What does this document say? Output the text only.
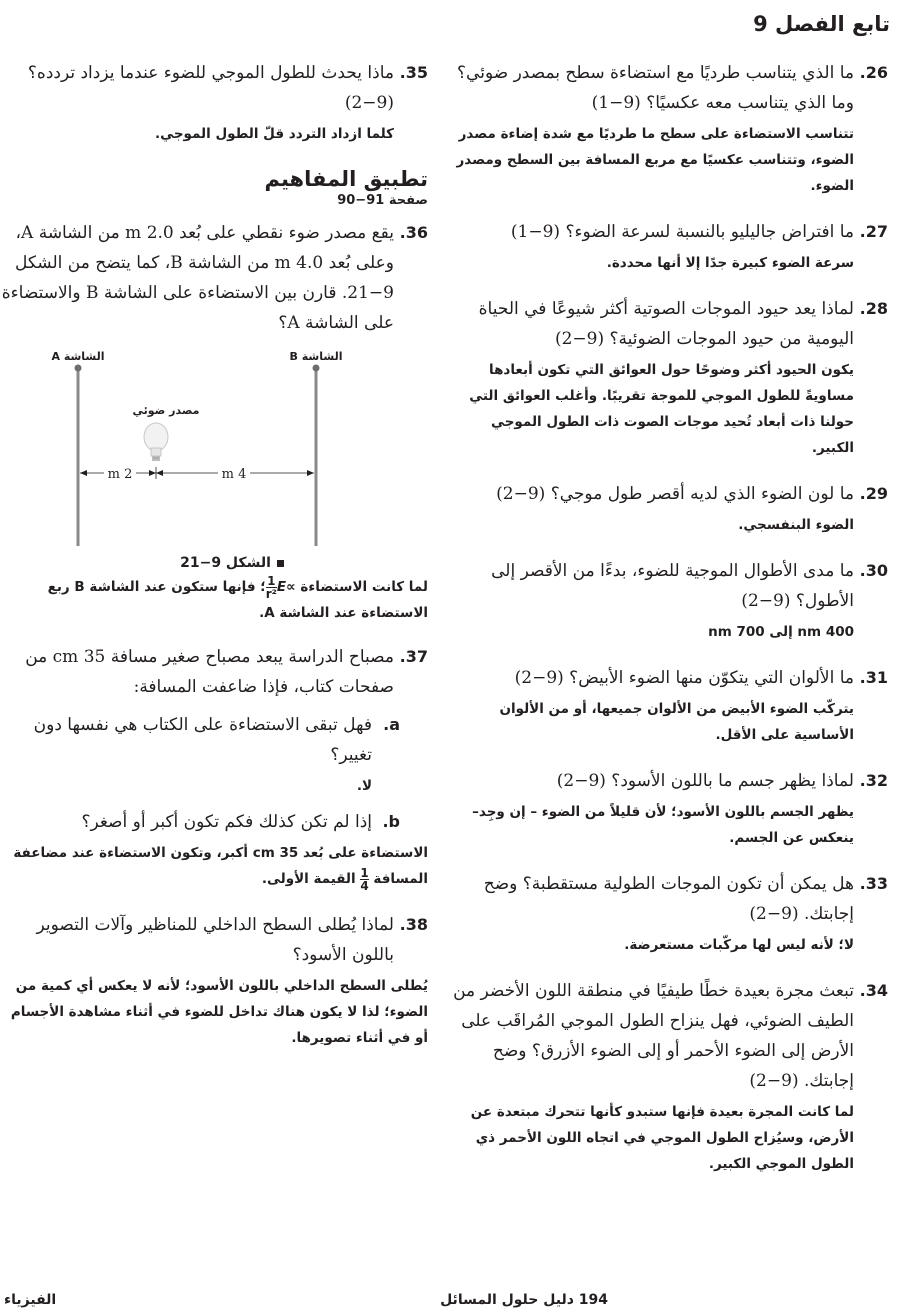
تابع الفصل 9
26.
ما الذي يتناسب طرديًا مع استضاءة سطح بمصدر ضوئي؟ وما الذي يتناسب معه عكسيًا؟ (9−1)
تتناسب الاستضاءة على سطح ما طرديًا مع شدة إضاءة مصدر الضوء، وتتناسب عكسيًا مع مربع المسافة بين السطح ومصدر الضوء.
27.
ما افتراض جاليليو بالنسبة لسرعة الضوء؟ (9−1)
سرعة الضوء كبيرة جدًا إلا أنها محددة.
28.
لماذا يعد حيود الموجات الصوتية أكثر شيوعًا في الحياة اليومية من حيود الموجات الضوئية؟ (9−2)
يكون الحيود أكثر وضوحًا حول العوائق التي تكون أبعادها مساويةً للطول الموجي للموجة تقريبًا. وأغلب العوائق التي حولنا ذات أبعاد تُحيد موجات الصوت ذات الطول الموجي الكبير.
29.
ما لون الضوء الذي لديه أقصر طول موجي؟ (9−2)
الضوء البنفسجي.
30.
ما مدى الأطوال الموجية للضوء، بدءًا من الأقصر إلى الأطول؟ (9−2)
400 nm إلى 700 nm
31.
ما الألوان التي يتكوّن منها الضوء الأبيض؟ (9−2)
يتركّب الضوء الأبيض من الألوان جميعها، أو من الألوان الأساسية على الأقل.
32.
لماذا يظهر جسم ما باللون الأسود؟ (9−2)
يظهر الجسم باللون الأسود؛ لأن قليلاً من الضوء – إن وجِد– ينعكس عن الجسم.
33.
هل يمكن أن تكون الموجات الطولية مستقطبة؟ وضح إجابتك. (9−2)
لا؛ لأنه ليس لها مركّبات مستعرضة.
34.
تبعث مجرة بعيدة خطًا طيفيًا في منطقة اللون الأخضر من الطيف الضوئي، فهل ينزاح الطول الموجي المُراقَب على الأرض إلى الضوء الأحمر أو إلى الضوء الأزرق؟ وضح إجابتك. (9−2)
لما كانت المجرة بعيدة فإنها ستبدو كأنها تتحرك مبتعدة عن الأرض، وسيُزاح الطول الموجي في اتجاه اللون الأحمر ذي الطول الموجي الكبير.
35.
ماذا يحدث للطول الموجي للضوء عندما يزداد تردده؟ (9−2)
كلما ازداد التردد قلّ الطول الموجي.
تطبيق المفاهيم
صفحة 91−90
36.
يقع مصدر ضوء نقطي على بُعد 2.0 m من الشاشة A، وعلى بُعد 4.0 m من الشاشة B، كما يتضح من الشكل 9−21. قارن بين الاستضاءة على الشاشة B والاستضاءة على الشاشة A؟
2 m	4 m
الشاشة A	الشاشة B
مصدر ضوئي
الشكل 9−21
لما كانت الاستضاءة E∝
$\frac{1}{\text{r²}}$
؛ فإنها ستكون عند الشاشة B ربع الاستضاءة عند الشاشة A.
37.
مصباح الدراسة يبعد مصباح صغير مسافة 35 cm من صفحات كتاب، فإذا ضاعفت المسافة:
a.
فهل تبقى الاستضاءة على الكتاب هي نفسها دون تغيير؟
لا.
b.
إذا لم تكن كذلك فكم تكون أكبر أو أصغر؟
الاستضاءة على بُعد 35 cm أكبر، وتكون الاستضاءة عند مضاعفة المسافة
$\frac{1}{4}$
القيمة الأولى.
38.
لماذا يُطلى السطح الداخلي للمناظير وآلات التصوير باللون الأسود؟
يُطلى السطح الداخلي باللون الأسود؛ لأنه لا يعكس أي كمية من الضوء؛ لذا لا يكون هناك تداخل للضوء في أثناء مشاهدة الأجسام أو في أثناء تصويرها.
الفيزياء	194 دليل حلول المسائل
